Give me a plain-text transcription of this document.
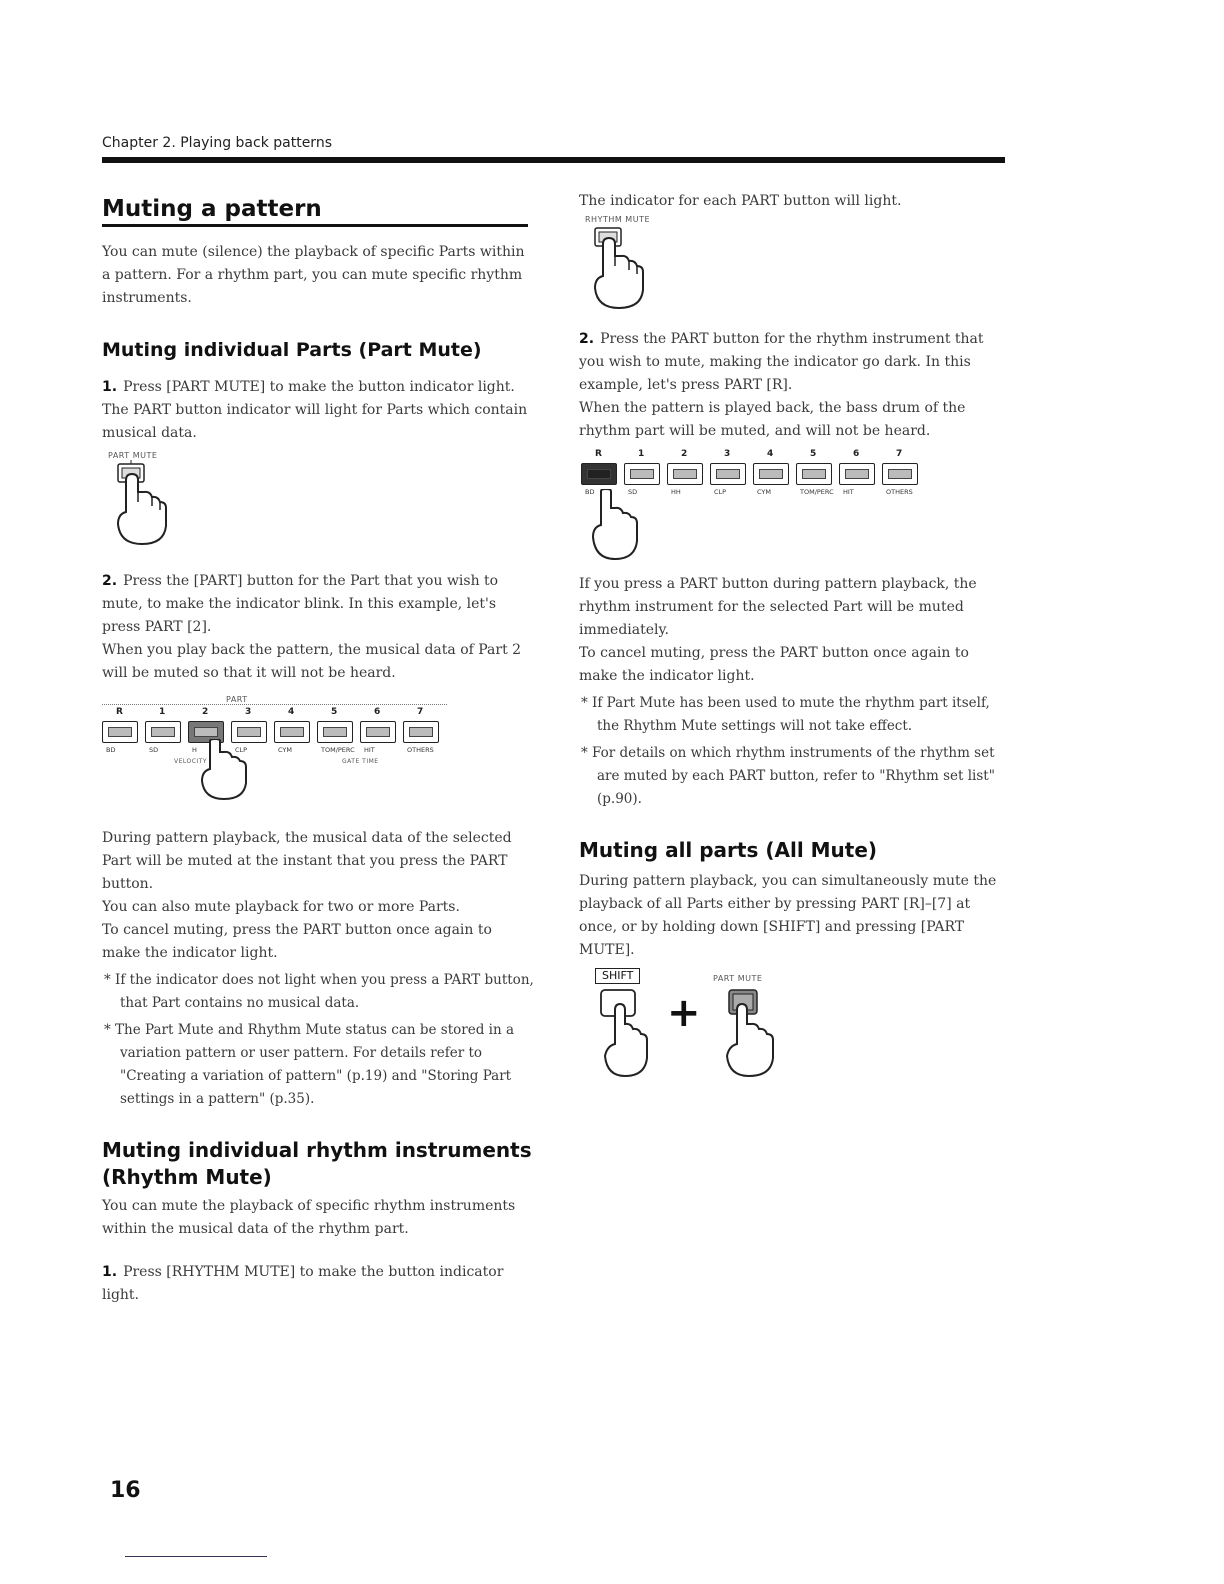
Chapter 2. Playing back patterns
Muting a pattern

You can mute (silence) the playback of specific Parts within a pattern. For a rhythm part, you can mute specific rhythm instruments.

Muting individual Parts (Part Mute)

1. Press [PART MUTE] to make the button indicator light. The PART button indicator will light for Parts which contain musical data.

PART MUTE

2. Press the [PART] button for the Part that you wish to mute, to make the indicator blink. In this example, let's press PART [2].

When you play back the pattern, the musical data of Part 2 will be muted so that it will not be heard.

PART
R	1	2	3	4	5	6	7
BD	SD	H	CLP	CYM	TOM/PERC HIT	OTHERS
VELOCITY	GATE TIME

During pattern playback, the musical data of the selected Part will be muted at the instant that you press the PART button.

You can also mute playback for two or more Parts.

To cancel muting, press the PART button once again to make the indicator light.

* If the indicator does not light when you press a PART button, that Part contains no musical data.

* The Part Mute and Rhythm Mute status can be stored in a variation pattern or user pattern. For details refer to "Creating a variation of pattern" (p.19) and "Storing Part settings in a pattern" (p.35).

Muting individual rhythm instruments (Rhythm Mute)

You can mute the playback of specific rhythm instruments within the musical data of the rhythm part.

1. Press [RHYTHM MUTE] to make the button indicator light.

The indicator for each PART button will light.

RHYTHM MUTE

2. Press the PART button for the rhythm instrument that you wish to mute, making the indicator go dark. In this example, let's press PART [R].

When the pattern is played back, the bass drum of the rhythm part will be muted, and will not be heard.

R	1	2	3	4	5	6	7
BD	SD	HH	CLP	CYM	TOM/PERC HIT	OTHERS

If you press a PART button during pattern playback, the rhythm instrument for the selected Part will be muted immediately.

To cancel muting, press the PART button once again to make the indicator light.

* If Part Mute has been used to mute the rhythm part itself, the Rhythm Mute settings will not take effect.

* For details on which rhythm instruments of the rhythm set are muted by each PART button, refer to "Rhythm set list" (p.90).

Muting all parts (All Mute)

During pattern playback, you can simultaneously mute the playback of all Parts either by pressing PART [R]–[7] at once, or by holding down [SHIFT] and pressing [PART MUTE].

SHIFT	PART MUTE
+
16
